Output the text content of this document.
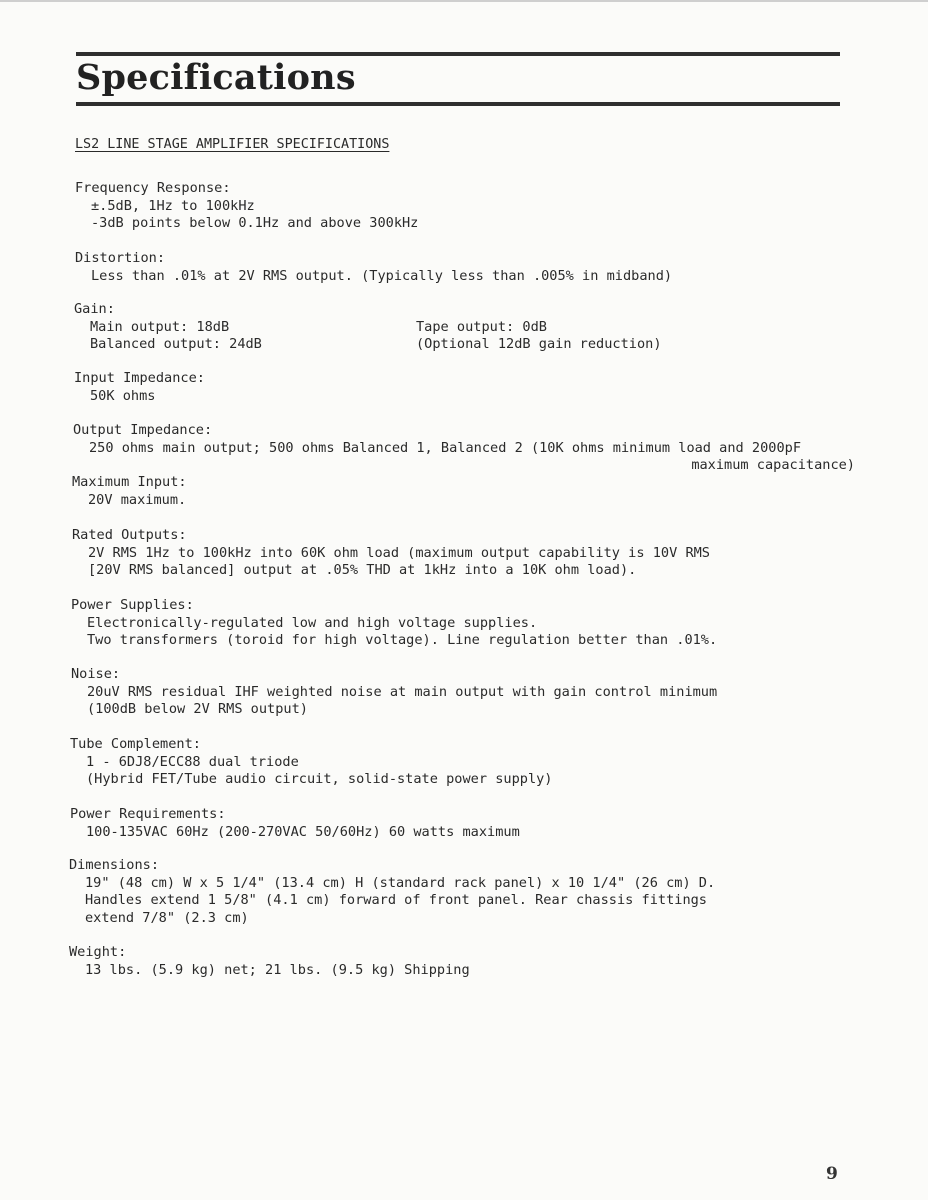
Specifications

LS2 LINE STAGE AMPLIFIER SPECIFICATIONS

Frequency Response:
±.5dB, 1Hz to 100kHz
-3dB points below 0.1Hz and above 300kHz
Distortion:
Less than .01% at 2V RMS output. (Typically less than .005% in midband)
Gain:
Main output: 18dB
Balanced output: 24dB
Tape output: 0dB
(Optional 12dB gain reduction)
Input Impedance:
50K ohms
Output Impedance:
250 ohms main output; 500 ohms Balanced 1, Balanced 2 (10K ohms minimum load and 2000pF
maximum capacitance)
Maximum Input:
20V maximum.
Rated Outputs:
2V RMS 1Hz to 100kHz into 60K ohm load (maximum output capability is 10V RMS
[20V RMS balanced] output at .05% THD at 1kHz into a 10K ohm load).
Power Supplies:
Electronically-regulated low and high voltage supplies.
Two transformers (toroid for high voltage). Line regulation better than .01%.
Noise:
20uV RMS residual IHF weighted noise at main output with gain control minimum
(100dB below 2V RMS output)
Tube Complement:
1 - 6DJ8/ECC88 dual triode
(Hybrid FET/Tube audio circuit, solid-state power supply)
Power Requirements:
100-135VAC 60Hz (200-270VAC 50/60Hz) 60 watts maximum
Dimensions:
19" (48 cm) W x 5 1/4" (13.4 cm) H (standard rack panel) x 10 1/4" (26 cm) D.
Handles extend 1 5/8" (4.1 cm) forward of front panel. Rear chassis fittings
extend 7/8" (2.3 cm)
Weight:
13 lbs. (5.9 kg) net; 21 lbs. (9.5 kg) Shipping
9
